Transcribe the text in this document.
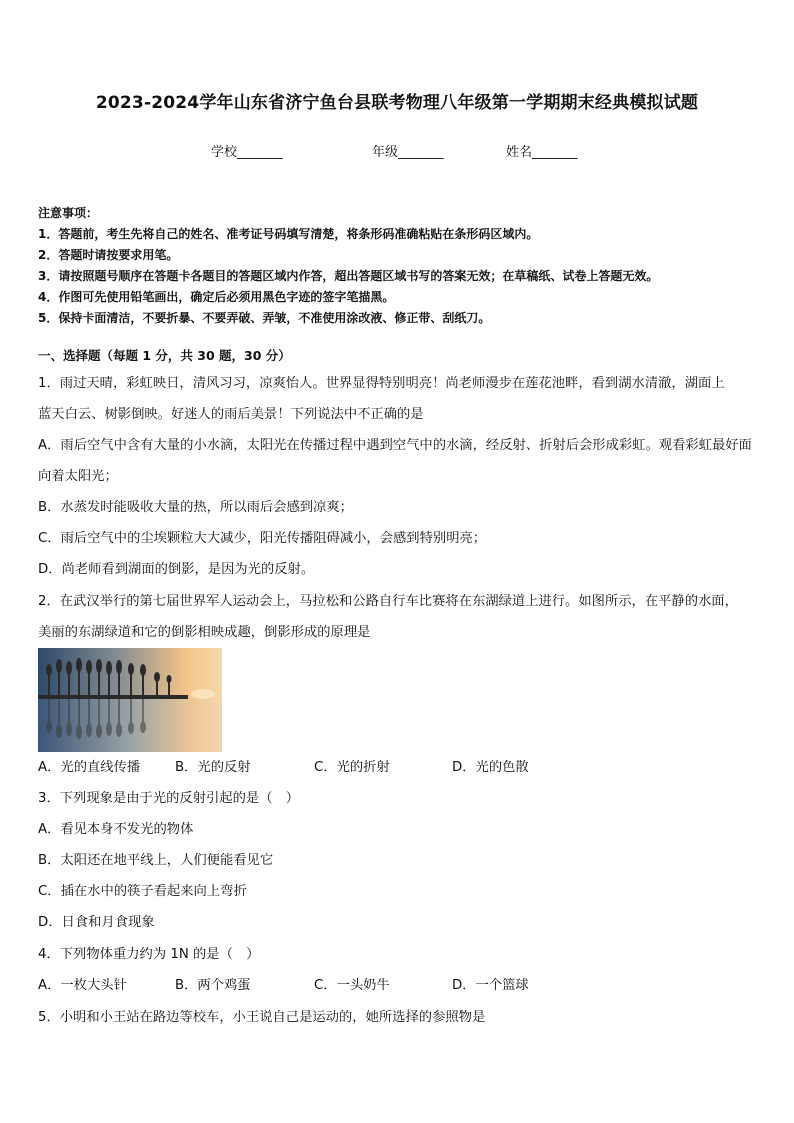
2023-2024学年山东省济宁鱼台县联考物理八年级第一学期期末经典模拟试题
学校_______	年级_______	姓名_______
注意事项：
1．答题前，考生先将自己的姓名、准考证号码填写清楚，将条形码准确粘贴在条形码区域内。
2．答题时请按要求用笔。
3．请按照题号顺序在答题卡各题目的答题区域内作答，超出答题区域书写的答案无效；在草稿纸、试卷上答题无效。
4．作图可先使用铅笔画出，确定后必须用黑色字迹的签字笔描黑。
5．保持卡面清洁，不要折暴、不要弄破、弄皱，不准使用涂改液、修正带、刮纸刀。
一、选择题（每题 1 分，共 30 题，30 分）
1．雨过天晴，彩虹映日，清风习习，凉爽怡人。世界显得特别明亮！尚老师漫步在莲花池畔，看到湖水清澈，湖面上
蓝天白云、树影倒映。好迷人的雨后美景！下列说法中不正确的是
A．雨后空气中含有大量的小水滴，太阳光在传播过程中遇到空气中的水滴，经反射、折射后会形成彩虹。观看彩虹最好面向着太阳光；
B．水蒸发时能吸收大量的热，所以雨后会感到凉爽；
C．雨后空气中的尘埃颗粒大大减少，阳光传播阻碍减小，会感到特别明亮；
D．尚老师看到湖面的倒影，是因为光的反射。
2．在武汉举行的第七届世界军人运动会上，马拉松和公路自行车比赛将在东湖绿道上进行。如图所示，在平静的水面，
美丽的东湖绿道和它的倒影相映成趣，倒影形成的原理是
A．光的直线传播	B．光的反射	C．光的折射	D．光的色散
3．下列现象是由于光的反射引起的是（　）
A．看见本身不发光的物体
B．太阳还在地平线上，人们便能看见它
C．插在水中的筷子看起来向上弯折
D．日食和月食现象
4．下列物体重力约为 1N 的是（　）
A．一枚大头针	B．两个鸡蛋	C．一头奶牛	D．一个篮球
5．小明和小王站在路边等校车，小王说自己是运动的，她所选择的参照物是
